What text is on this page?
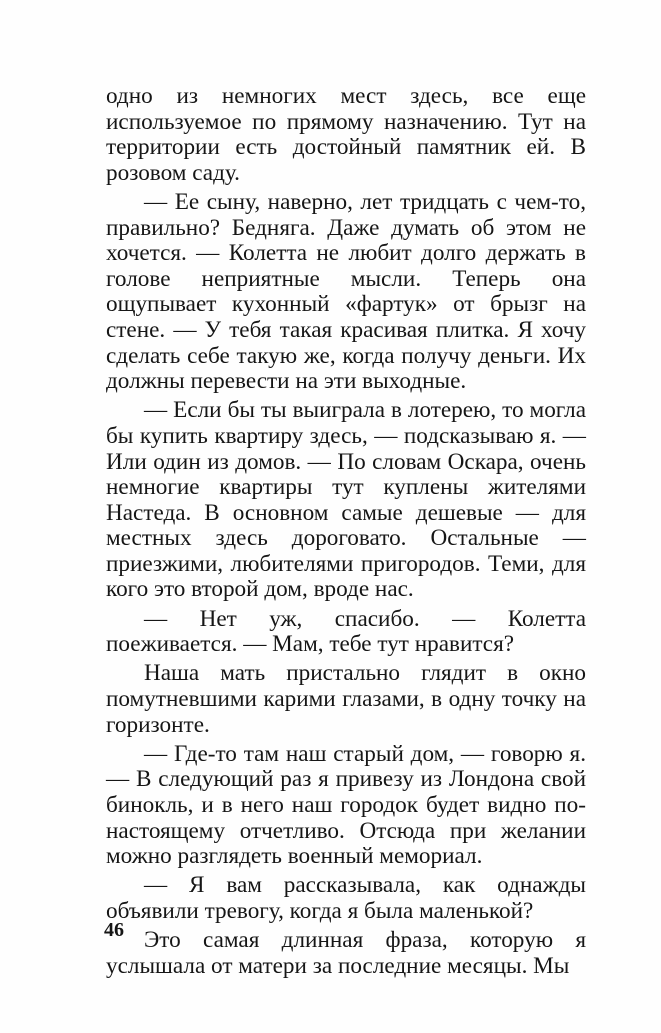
одно из немногих мест здесь, все еще используемое по прямому назначению. Тут на территории есть достойный памятник ей. В розовом саду.

— Ее сыну, наверно, лет тридцать с чем-то, правильно? Бедняга. Даже думать об этом не хочется. — Колетта не любит долго держать в голове неприятные мысли. Теперь она ощупывает кухонный «фартук» от брызг на стене. — У тебя такая красивая плитка. Я хочу сделать себе такую же, когда получу деньги. Их должны перевести на эти выходные.

— Если бы ты выиграла в лотерею, то могла бы купить квартиру здесь, — подсказываю я. — Или один из домов. — По словам Оскара, очень немногие квартиры тут куплены жителями Настеда. В основном самые дешевые — для местных здесь дороговато. Остальные — приезжими, любителями пригородов. Теми, для кого это второй дом, вроде нас.

— Нет уж, спасибо. — Колетта поеживается. — Мам, тебе тут нравится?

Наша мать пристально глядит в окно помутневшими карими глазами, в одну точку на горизонте.

— Где-то там наш старый дом, — говорю я. — В следующий раз я привезу из Лондона свой бинокль, и в него наш городок будет видно по-настоящему отчетливо. Отсюда при желании можно разглядеть военный мемориал.

— Я вам рассказывала, как однажды объявили тревогу, когда я была маленькой?

Это самая длинная фраза, которую я услышала от матери за последние месяцы. Мы

46
